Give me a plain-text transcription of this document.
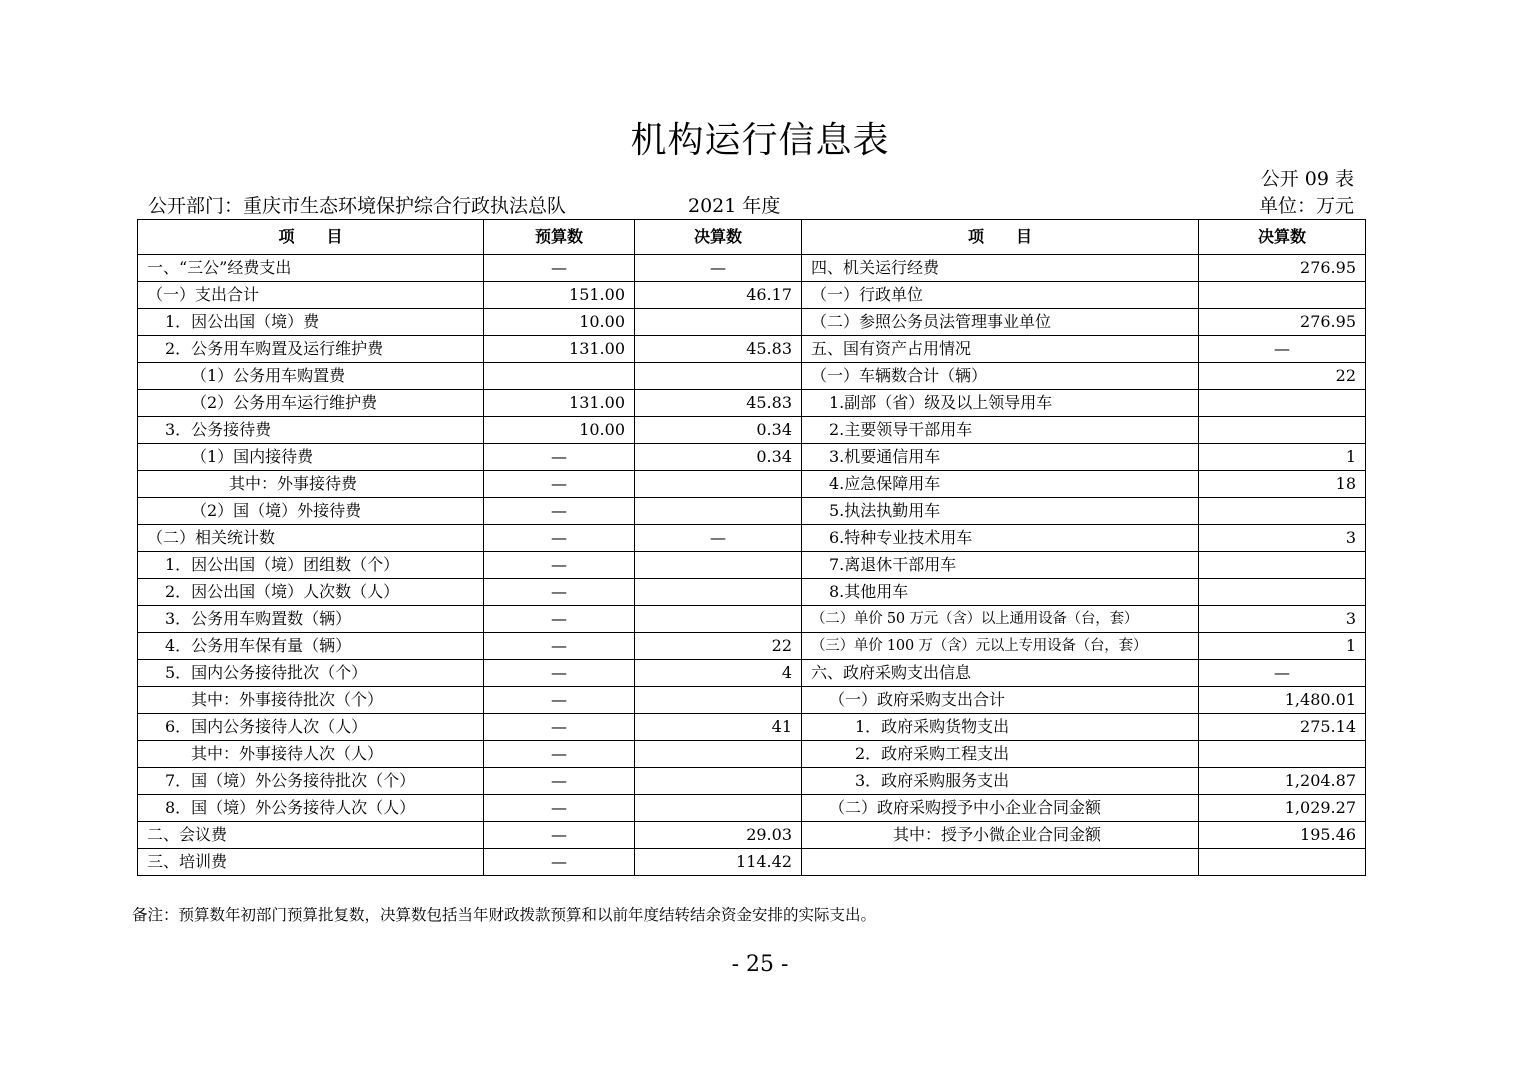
机构运行信息表
公开 09 表
公开部门：重庆市生态环境保护综合行政执法总队	2021 年度	单位：万元
项　　目	预算数	决算数	项　　目	决算数
一、“三公”经费支出	—	—	四、机关运行经费	276.95
（一）支出合计	151.00	46.17	（一）行政单位	
1．因公出国（境）费	10.00		（二）参照公务员法管理事业单位	276.95
2．公务用车购置及运行维护费	131.00	45.83	五、国有资产占用情况	—
（1）公务用车购置费			（一）车辆数合计（辆）	22
（2）公务用车运行维护费	131.00	45.83	1.副部（省）级及以上领导用车	
3．公务接待费	10.00	0.34	2.主要领导干部用车	
（1）国内接待费	—	0.34	3.机要通信用车	1
其中：外事接待费	—		4.应急保障用车	18
（2）国（境）外接待费	—		5.执法执勤用车	
（二）相关统计数	—	—	6.特种专业技术用车	3
1．因公出国（境）团组数（个）	—		7.离退休干部用车	
2．因公出国（境）人次数（人）	—		8.其他用车	
3．公务用车购置数（辆）	—		（二）单价 50 万元（含）以上通用设备（台，套）	3
4．公务用车保有量（辆）	—	22	（三）单价 100 万（含）元以上专用设备（台，套）	1
5．国内公务接待批次（个）	—	4	六、政府采购支出信息	—
其中：外事接待批次（个）	—		（一）政府采购支出合计	1,480.01
6．国内公务接待人次（人）	—	41	1．政府采购货物支出	275.14
其中：外事接待人次（人）	—		2．政府采购工程支出	
7．国（境）外公务接待批次（个）	—		3．政府采购服务支出	1,204.87
8．国（境）外公务接待人次（人）	—		（二）政府采购授予中小企业合同金额	1,029.27
二、会议费	—	29.03	其中：授予小微企业合同金额	195.46
三、培训费	—	114.42		
备注：预算数年初部门预算批复数，决算数包括当年财政拨款预算和以前年度结转结余资金安排的实际支出。
- 25 -
